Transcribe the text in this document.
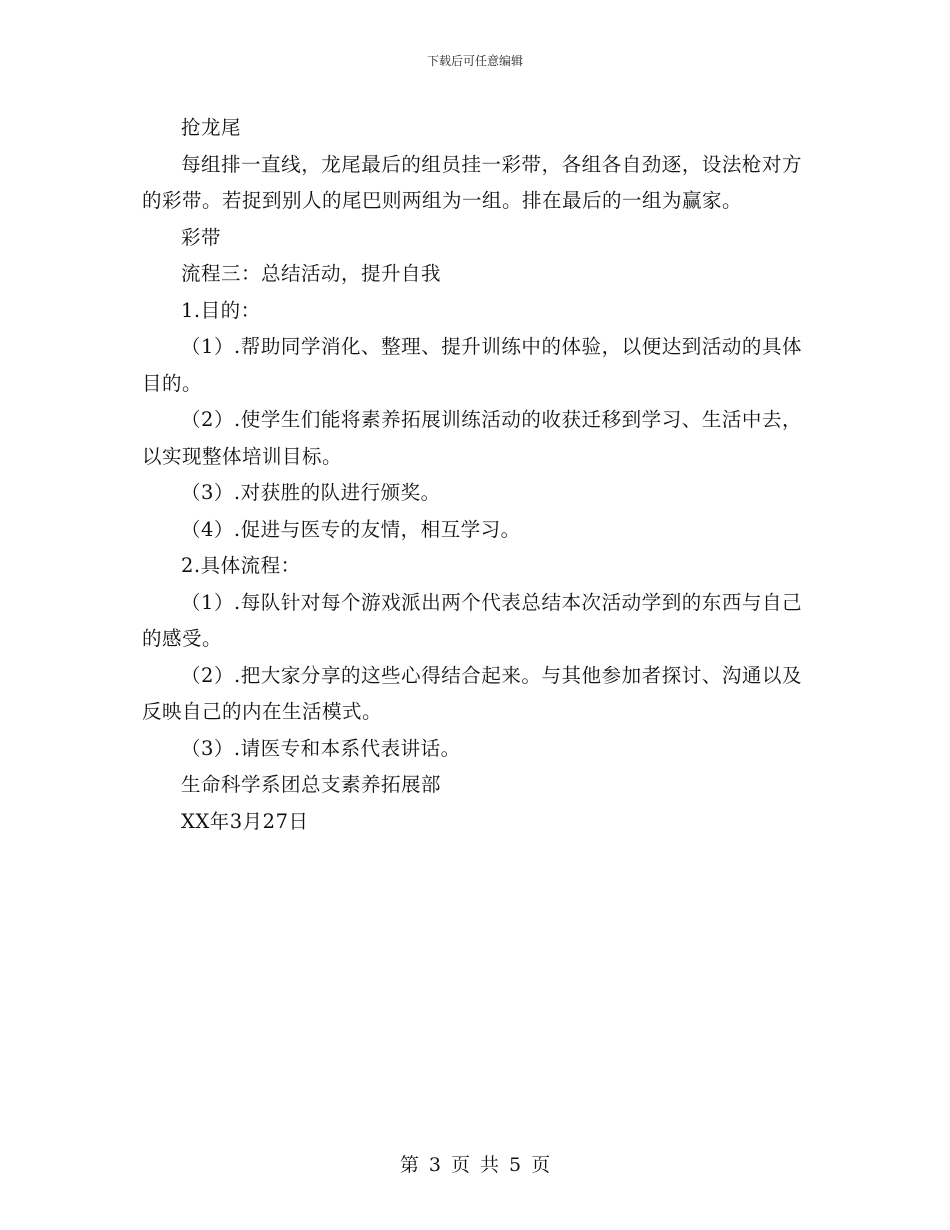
下载后可任意编辑

抢龙尾

每组排一直线，龙尾最后的组员挂一彩带，各组各自劲逐，设法枪对方的彩带。若捉到别人的尾巴则两组为一组。排在最后的一组为赢家。

彩带

流程三：总结活动，提升自我

1.目的：

（1）.帮助同学消化、整理、提升训练中的体验，以便达到活动的具体目的。

（2）.使学生们能将素养拓展训练活动的收获迁移到学习、生活中去，以实现整体培训目标。

（3）.对获胜的队进行颁奖。

（4）.促进与医专的友情，相互学习。

2.具体流程：

（1）.每队针对每个游戏派出两个代表总结本次活动学到的东西与自己的感受。

（2）.把大家分享的这些心得结合起来。与其他参加者探讨、沟通以及反映自己的内在生活模式。

（3）.请医专和本系代表讲话。

生命科学系团总支素养拓展部

XX年3月27日

第 3 页 共 5 页
